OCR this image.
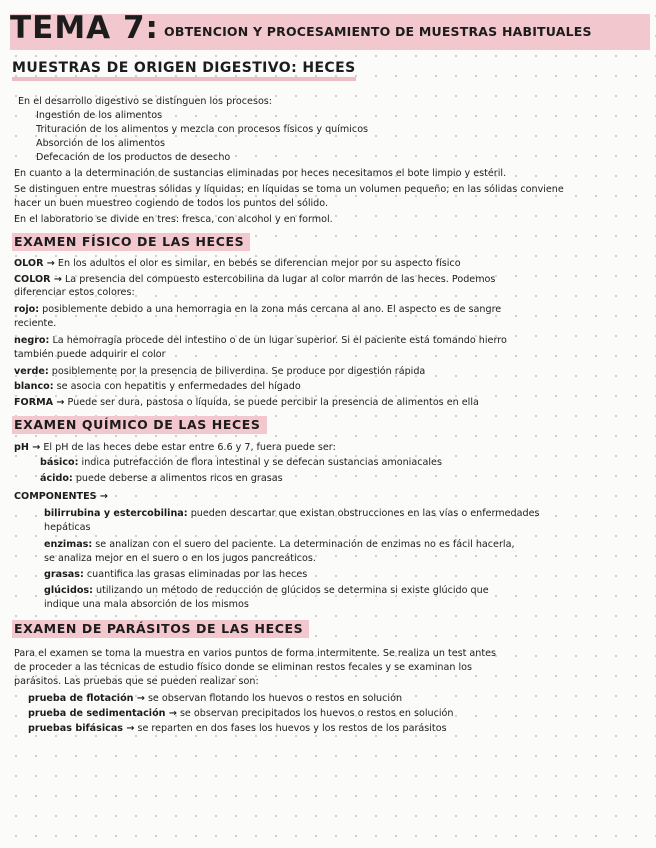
TEMA 7: $^{OBTENCION Y PROCESAMIENTO DE MUESTRAS HABITUALES}$
MUESTRAS DE ORIGEN DIGESTIVO: HECES
En el desarrollo digestivo se distinguen los procesos:
Ingestión de los alimentos
Trituración de los alimentos y mezcla con procesos físicos y químicos
Absorción de los alimentos
Defecación de los productos de desecho
En cuanto a la determinación de sustancias eliminadas por heces necesitamos el bote limpio y estéril.
Se distinguen entre muestras sólidas y líquidas; en líquidas se toma un volumen pequeño; en las sólidas conviene
hacer un buen muestreo cogiendo de todos los puntos del sólido.
En el laboratorio se divide en tres: fresca, con alcohol y en formol.
EXAMEN FÍSICO DE LAS HECES
OLOR → En los adultos el olor es similar, en bebés se diferencian mejor por su aspecto físico
COLOR → La presencia del compuesto estercobilina da lugar al color marrón de las heces. Podemos
diferenciar estos colores:
rojo: posiblemente debido a una hemorragia en la zona más cercana al ano. El aspecto es de sangre
reciente.
negro: La hemorragia procede del intestino o de un lugar superior. Si el paciente está tomando hierro
también puede adquirir el color
verde: posiblemente por la presencia de biliverdina. Se produce por digestión rápida
blanco: se asocia con hepatitis y enfermedades del hígado
FORMA → Puede ser dura, pastosa o líquida, se puede percibir la presencia de alimentos en ella
EXAMEN QUÍMICO DE LAS HECES
pH → El pH de las heces debe estar entre 6.6 y 7, fuera puede ser:
básico: indica putrefacción de flora intestinal y se defecan sustancias amoniacales
ácido: puede deberse a alimentos ricos en grasas
COMPONENTES →
bilirrubina y estercobilina: pueden descartar que existan obstrucciones en las vías o enfermedades
hepáticas
enzimas: se analizan con el suero del paciente. La determinación de enzimas no es fácil hacerla,
se analiza mejor en el suero o en los jugos pancreáticos.
grasas: cuantifica las grasas eliminadas por las heces
glúcidos: utilizando un método de reducción de glúcidos se determina si existe glúcido que
indique una mala absorción de los mismos
EXAMEN DE PARÁSITOS DE LAS HECES
Para el examen se toma la muestra en varios puntos de forma intermitente. Se realiza un test antes
de proceder a las técnicas de estudio físico donde se eliminan restos fecales y se examinan los
parásitos. Las pruebas que se pueden realizar son:
prueba de flotación → se observan flotando los huevos o restos en solución
prueba de sedimentación → se observan precipitados los huevos o restos en solución
pruebas bifásicas → se reparten en dos fases los huevos y los restos de los parásitos
